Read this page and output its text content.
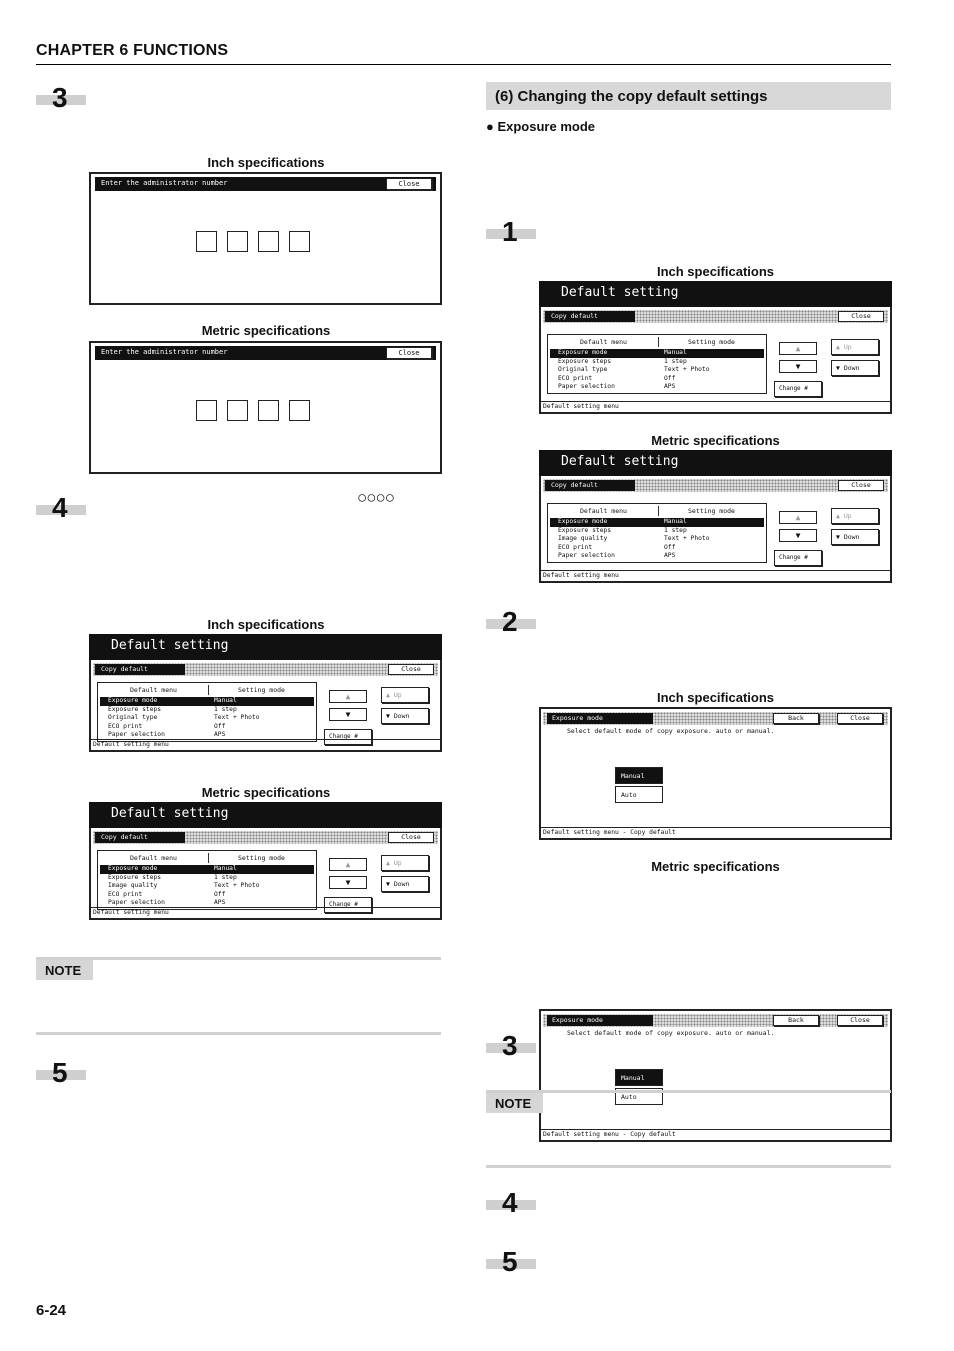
CHAPTER 6 FUNCTIONS
3
Inch specifications
Enter the administrator number	Close
Metric specifications
Enter the administrator number	Close
4	○○○○
Inch specifications
Default setting
Copy default	Close
Default menu	Setting mode
Exposure mode	Manual
Exposure steps	1 step
Original type	Text + Photo
ECO print	Off
Paper selection	APS
▲
▼
▲ Up
▼ Down
Change #
Default setting menu
Metric specifications
Default setting
Copy default	Close
Default menu	Setting mode
Exposure mode	Manual
Exposure steps	1 step
Image quality	Text + Photo
ECO print	Off
Paper selection	APS
▲
▼
▲ Up
▼ Down
Change #
Default setting menu
NOTE
5
(6) Changing the copy default settings
● Exposure mode
1
Inch specifications
Default setting
Copy default	Close
Default menu	Setting mode
Exposure mode	Manual
Exposure steps	1 step
Original type	Text + Photo
ECO print	Off
Paper selection	APS
▲
▼
▲ Up
▼ Down
Change #
Default setting menu
Metric specifications
Default setting
Copy default	Close
Default menu	Setting mode
Exposure mode	Manual
Exposure steps	1 step
Image quality	Text + Photo
ECO print	Off
Paper selection	APS
▲
▼
▲ Up
▼ Down
Change #
Default setting menu
2
Inch specifications
Exposure mode	Back	Close
Select default mode of copy exposure. auto or manual.
Manual
Auto
Default setting menu - Copy default
Metric specifications
Exposure mode	Back	Close
Select default mode of copy exposure. auto or manual.
Manual
Auto
Default setting menu - Copy default
3
NOTE
4
5
6-24
